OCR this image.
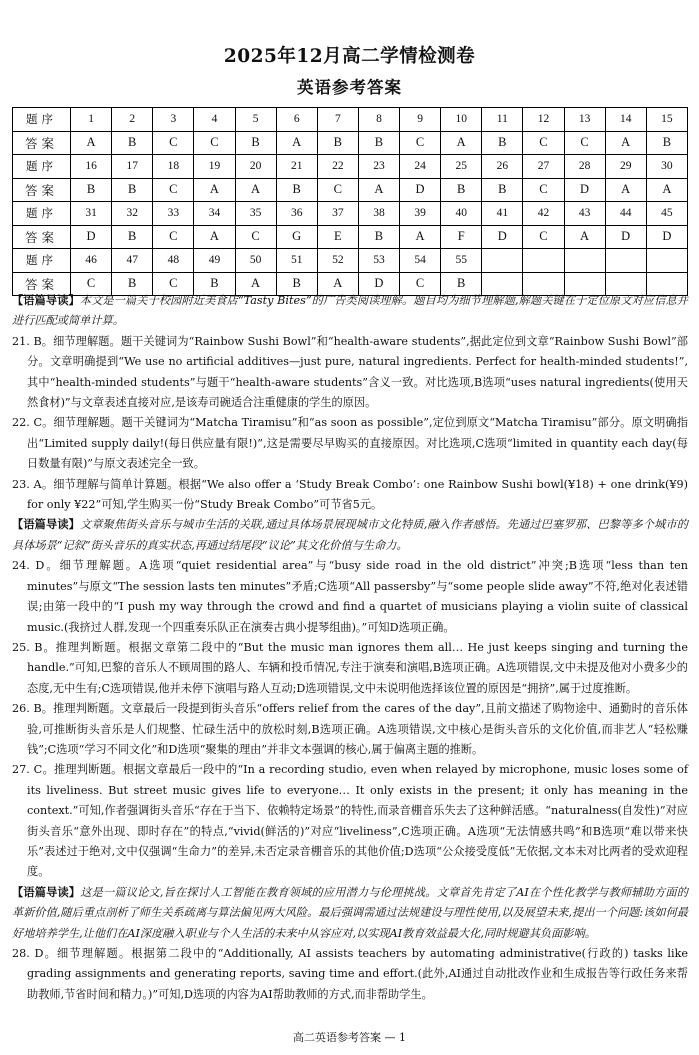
2025年12月高二学情检测卷
英语参考答案
题序	1	2	3	4	5	6	7	8	9	10	11	12	13	14	15
答案	A	B	C	C	B	A	B	B	C	A	B	C	C	A	B
题序	16	17	18	19	20	21	22	23	24	25	26	27	28	29	30
答案	B	B	C	A	A	B	C	A	D	B	B	C	D	A	A
题序	31	32	33	34	35	36	37	38	39	40	41	42	43	44	45
答案	D	B	C	A	C	G	E	B	A	F	D	C	A	D	D
题序	46	47	48	49	50	51	52	53	54	55					
答案	C	B	C	B	A	B	A	D	C	B					

【语篇导读】本文是一篇关于校园附近美食店“Tasty Bites”的广告类阅读理解。题目均为细节理解题,解题关键在于定位原文对应信息并进行匹配或简单计算。

21. B。细节理解题。题干关键词为“Rainbow Sushi Bowl”和“health-aware students”,据此定位到文章“Rainbow Sushi Bowl”部分。文章明确提到“We use no artificial additives—just pure, natural ingredients. Perfect for health-minded students!”,其中“health-minded students”与题干“health-aware students”含义一致。对比选项,B选项“uses natural ingredients(使用天然食材)”与文章表述直接对应,是该寿司碗适合注重健康的学生的原因。

22. C。细节理解题。题干关键词为“Matcha Tiramisu”和“as soon as possible”,定位到原文“Matcha Tiramisu”部分。原文明确指出“Limited supply daily!(每日供应量有限!)”,这是需要尽早购买的直接原因。对比选项,C选项“limited in quantity each day(每日数量有限)”与原文表述完全一致。

23. A。细节理解与简单计算题。根据“We also offer a ‘Study Break Combo’: one Rainbow Sushi bowl(¥18) + one drink(¥9) for only ¥22”可知,学生购买一份“Study Break Combo”可节省5元。

【语篇导读】文章聚焦街头音乐与城市生活的关联,通过具体场景展现城市文化特质,融入作者感悟。先通过巴塞罗那、巴黎等多个城市的具体场景“记叙”街头音乐的真实状态,再通过结尾段“议论”其文化价值与生命力。

24. D。细节理解题。A选项“quiet residential area”与“busy side road in the old district”冲突;B选项“less than ten minutes”与原文“The session lasts ten minutes”矛盾;C选项“All passersby”与“some people slide away”不符,绝对化表述错误;由第一段中的“I push my way through the crowd and find a quartet of musicians playing a violin suite of classical music.(我挤过人群,发现一个四重奏乐队正在演奏古典小提琴组曲)。”可知D选项正确。

25. B。推理判断题。根据文章第二段中的“But the music man ignores them all… He just keeps singing and turning the handle.”可知,巴黎的音乐人不顾周围的路人、车辆和投币情况,专注于演奏和演唱,B选项正确。A选项错误,文中未提及他对小费多少的态度,无中生有;C选项错误,他并未停下演唱与路人互动;D选项错误,文中未说明他选择该位置的原因是“拥挤”,属于过度推断。

26. B。推理判断题。文章最后一段提到街头音乐“offers relief from the cares of the day”,且前文描述了购物途中、通勤时的音乐体验,可推断街头音乐是人们规整、忙碌生活中的放松时刻,B选项正确。A选项错误,文中核心是街头音乐的文化价值,而非艺人“轻松赚钱”;C选项“学习不同文化”和D选项“聚集的理由”并非文本强调的核心,属于偏离主题的推断。

27. C。推理判断题。根据文章最后一段中的“In a recording studio, even when relayed by microphone, music loses some of its liveliness. But street music gives life to everyone… It only exists in the present; it only has meaning in the context.”可知,作者强调街头音乐“存在于当下、依赖特定场景”的特性,而录音棚音乐失去了这种鲜活感。“naturalness(自发性)”对应街头音乐“意外出现、即时存在”的特点,“vivid(鲜活的)”对应“liveliness”,C选项正确。A选项“无法情感共鸣”和B选项“难以带来快乐”表述过于绝对,文中仅强调“生命力”的差异,未否定录音棚音乐的其他价值;D选项“公众接受度低”无依据,文本未对比两者的受欢迎程度。

【语篇导读】这是一篇议论文,旨在探讨人工智能在教育领域的应用潜力与伦理挑战。文章首先肯定了AI在个性化教学与教师辅助方面的革新价值,随后重点剖析了师生关系疏离与算法偏见两大风险。最后强调需通过法规建设与理性使用,以及展望未来,提出一个问题:该如何最好地培养学生,让他们在AI深度融入职业与个人生活的未来中从容应对,以实现AI教育效益最大化,同时规避其负面影响。

28. D。细节理解题。根据第二段中的“Additionally, AI assists teachers by automating administrative(行政的) tasks like grading assignments and generating reports, saving time and effort.(此外,AI通过自动批改作业和生成报告等行政任务来帮助教师,节省时间和精力。)”可知,D选项的内容为AI帮助教师的方式,而非帮助学生。

高二英语参考答案 — 1
